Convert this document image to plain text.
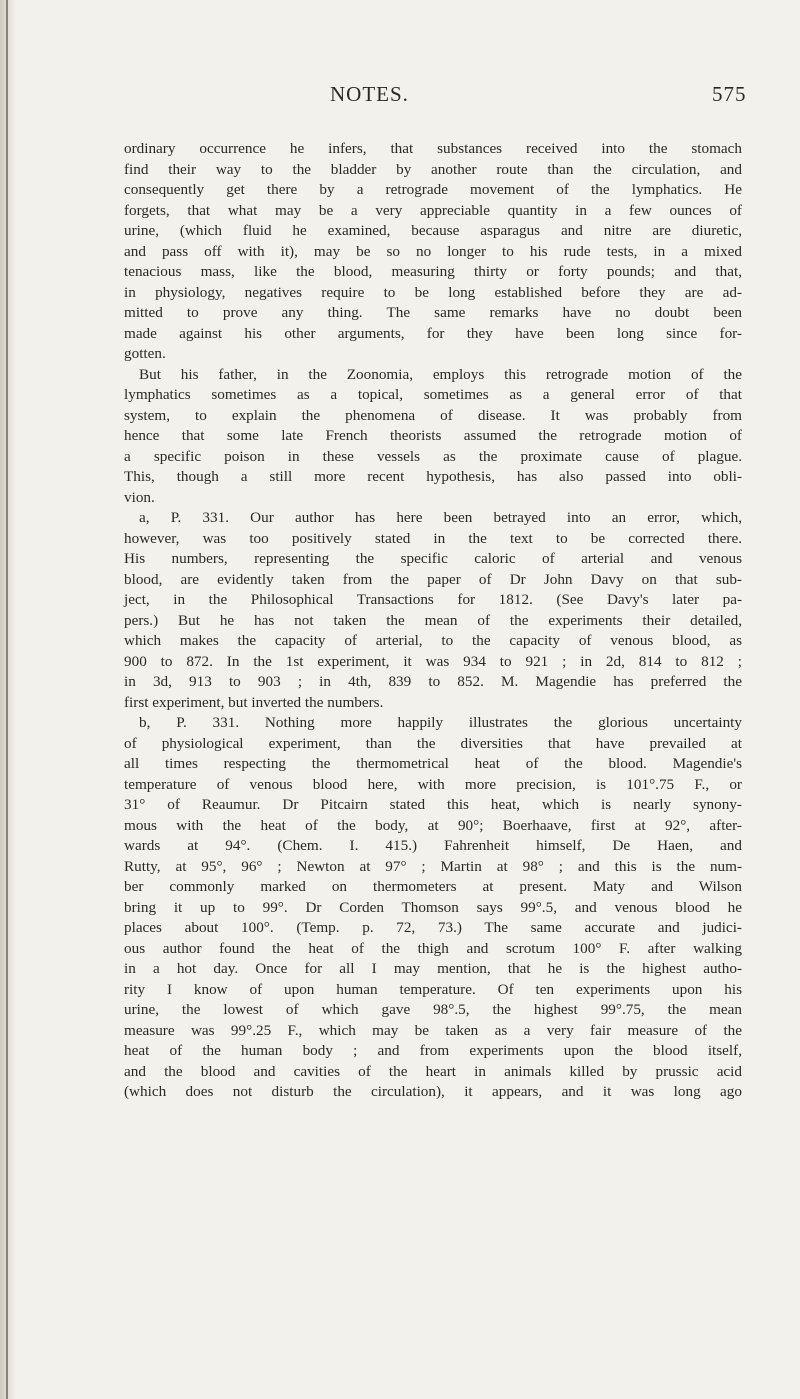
NOTES.	575
ordinary occurrence he infers, that substances received into the stomach
find their way to the bladder by another route than the circulation, and
consequently get there by a retrograde movement of the lymphatics. He
forgets, that what may be a very appreciable quantity in a few ounces of
urine, (which fluid he examined, because asparagus and nitre are diuretic,
and pass off with it), may be so no longer to his rude tests, in a mixed
tenacious mass, like the blood, measuring thirty or forty pounds; and that,
in physiology, negatives require to be long established before they are ad-
mitted to prove any thing. The same remarks have no doubt been
made against his other arguments, for they have been long since for-
gotten.
But his father, in the Zoonomia, employs this retrograde motion of the
lymphatics sometimes as a topical, sometimes as a general error of that
system, to explain the phenomena of disease. It was probably from
hence that some late French theorists assumed the retrograde motion of
a specific poison in these vessels as the proximate cause of plague.
This, though a still more recent hypothesis, has also passed into obli-
vion.
a, P. 331. Our author has here been betrayed into an error, which,
however, was too positively stated in the text to be corrected there.
His numbers, representing the specific caloric of arterial and venous
blood, are evidently taken from the paper of Dr John Davy on that sub-
ject, in the Philosophical Transactions for 1812. (See Davy's later pa-
pers.) But he has not taken the mean of the experiments their detailed,
which makes the capacity of arterial, to the capacity of venous blood, as
900 to 872. In the 1st experiment, it was 934 to 921 ; in 2d, 814 to 812 ;
in 3d, 913 to 903 ; in 4th, 839 to 852. M. Magendie has preferred the
first experiment, but inverted the numbers.
b, P. 331. Nothing more happily illustrates the glorious uncertainty
of physiological experiment, than the diversities that have prevailed at
all times respecting the thermometrical heat of the blood. Magendie's
temperature of venous blood here, with more precision, is 101°.75 F., or
31° of Reaumur. Dr Pitcairn stated this heat, which is nearly synony-
mous with the heat of the body, at 90°; Boerhaave, first at 92°, after-
wards at 94°. (Chem. I. 415.) Fahrenheit himself, De Haen, and
Rutty, at 95°, 96° ; Newton at 97° ; Martin at 98° ; and this is the num-
ber commonly marked on thermometers at present. Maty and Wilson
bring it up to 99°. Dr Corden Thomson says 99°.5, and venous blood he
places about 100°. (Temp. p. 72, 73.) The same accurate and judici-
ous author found the heat of the thigh and scrotum 100° F. after walking
in a hot day. Once for all I may mention, that he is the highest autho-
rity I know of upon human temperature. Of ten experiments upon his
urine, the lowest of which gave 98°.5, the highest 99°.75, the mean
measure was 99°.25 F., which may be taken as a very fair measure of the
heat of the human body ; and from experiments upon the blood itself,
and the blood and cavities of the heart in animals killed by prussic acid
(which does not disturb the circulation), it appears, and it was long ago
